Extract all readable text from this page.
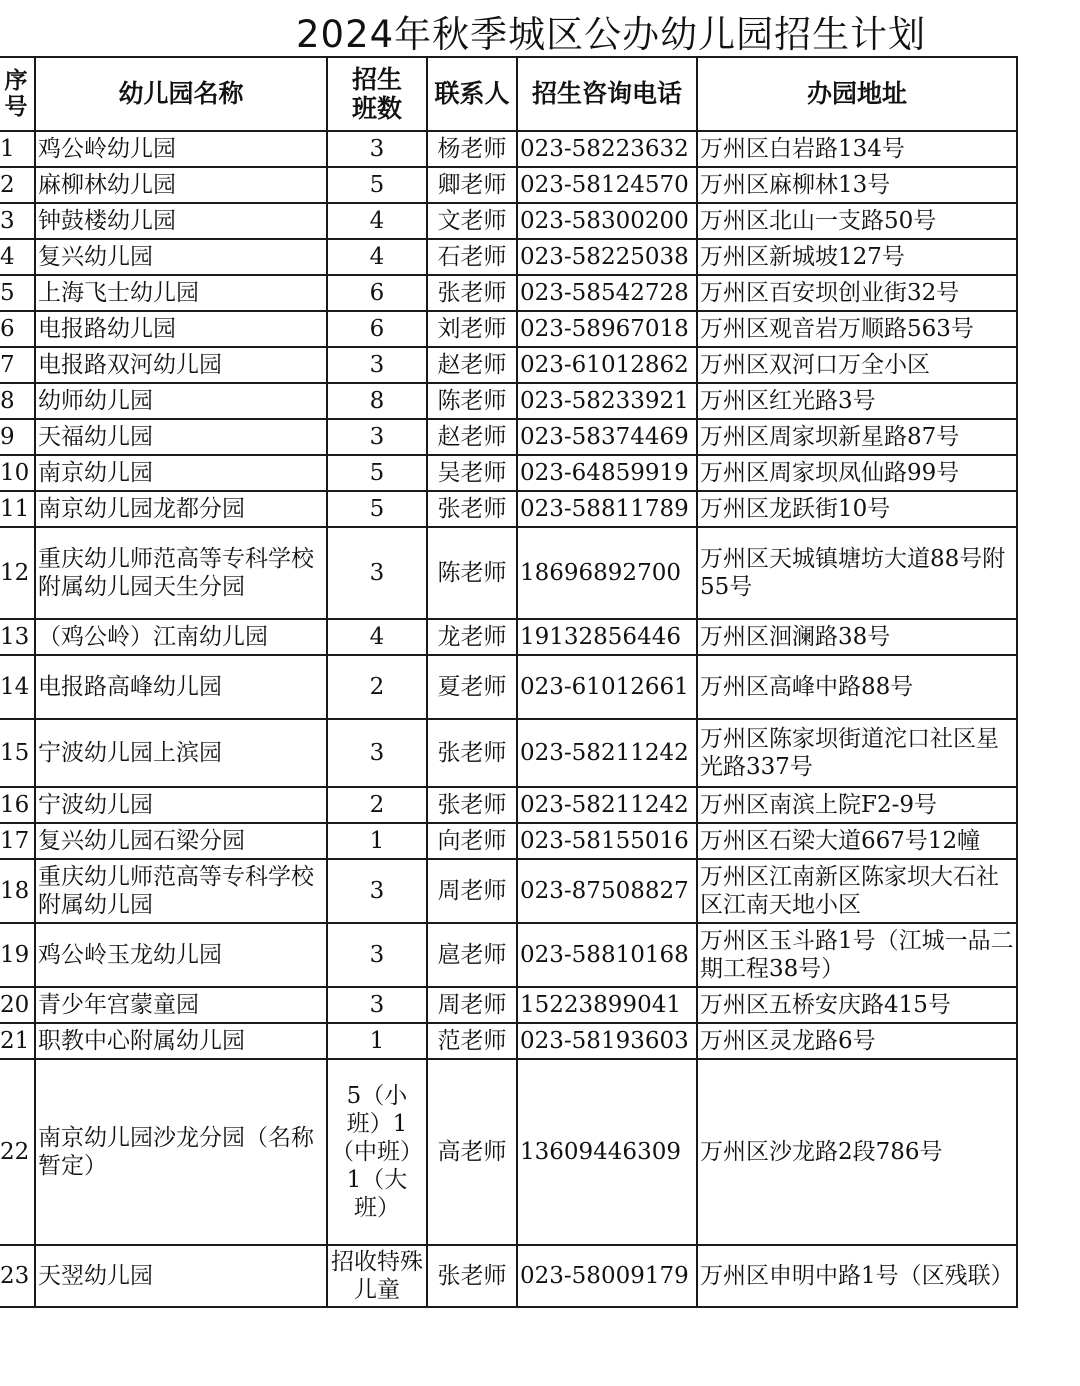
2024年秋季城区公办幼儿园招生计划
序号	幼儿园名称	招生班数	联系人	招生咨询电话	办园地址
1	鸡公岭幼儿园	3	杨老师	023-58223632	万州区白岩路134号
2	麻柳林幼儿园	5	卿老师	023-58124570	万州区麻柳林13号
3	钟鼓楼幼儿园	4	文老师	023-58300200	万州区北山一支路50号
4	复兴幼儿园	4	石老师	023-58225038	万州区新城坡127号
5	上海飞士幼儿园	6	张老师	023-58542728	万州区百安坝创业街32号
6	电报路幼儿园	6	刘老师	023-58967018	万州区观音岩万顺路563号
7	电报路双河幼儿园	3	赵老师	023-61012862	万州区双河口万全小区
8	幼师幼儿园	8	陈老师	023-58233921	万州区红光路3号
9	天福幼儿园	3	赵老师	023-58374469	万州区周家坝新星路87号
10	南京幼儿园	5	吴老师	023-64859919	万州区周家坝凤仙路99号
11	南京幼儿园龙都分园	5	张老师	023-58811789	万州区龙跃街10号
12	重庆幼儿师范高等专科学校附属幼儿园天生分园	3	陈老师	18696892700	万州区天城镇塘坊大道88号附55号
13	（鸡公岭）江南幼儿园	4	龙老师	19132856446	万州区洄澜路38号
14	电报路高峰幼儿园	2	夏老师	023-61012661	万州区高峰中路88号
15	宁波幼儿园上滨园	3	张老师	023-58211242	万州区陈家坝街道沱口社区星光路337号
16	宁波幼儿园	2	张老师	023-58211242	万州区南滨上院F2-9号
17	复兴幼儿园石梁分园	1	向老师	023-58155016	万州区石梁大道667号12幢
18	重庆幼儿师范高等专科学校附属幼儿园	3	周老师	023-87508827	万州区江南新区陈家坝大石社区江南天地小区
19	鸡公岭玉龙幼儿园	3	扈老师	023-58810168	万州区玉斗路1号（江城一品二期工程38号）
20	青少年宫蒙童园	3	周老师	15223899041	万州区五桥安庆路415号
21	职教中心附属幼儿园	1	范老师	023-58193603	万州区灵龙路6号
22	南京幼儿园沙龙分园（名称暂定）	5（小班）1（中班）1（大班）	高老师	13609446309	万州区沙龙路2段786号
23	天翌幼儿园	招收特殊儿童	张老师	023-58009179	万州区申明中路1号（区残联）
